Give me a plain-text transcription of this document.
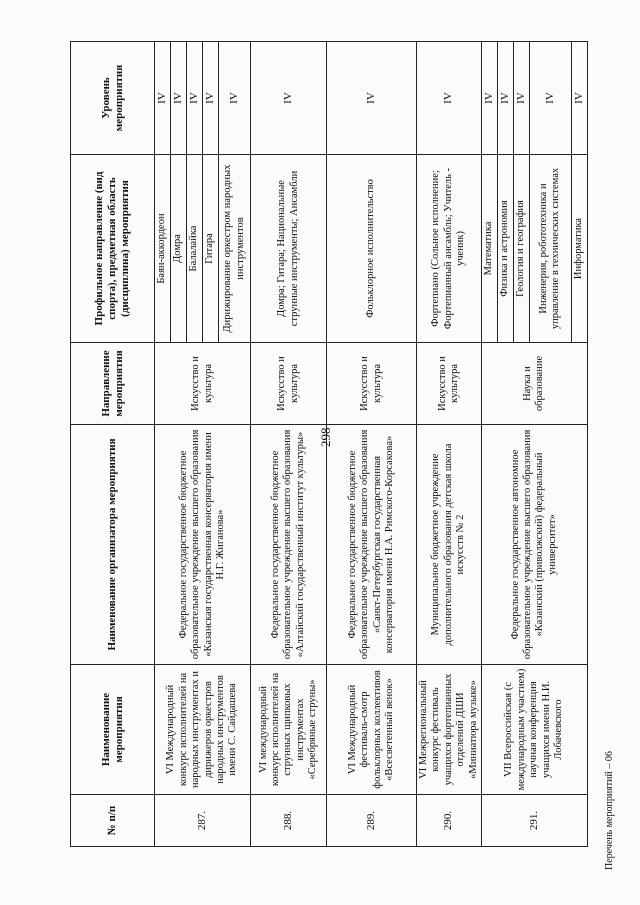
298
№ п/п	Наименование мероприятия	Наименование организатора мероприятия	Направление мероприятия	Профильное направление (вид спорта), предметная область (дисциплина) мероприятия	Уровень мероприятия
287.	VI Международный конкурс исполнителей на народных инструментах и дирижеров оркестров народных инструментов имени С. Сайдашева	Федеральное государственное бюджетное образовательное учреждение высшего образования «Казанская государственная консерватория имени Н.Г. Жиганова»	Искусство и культура	Баян-аккордеон	IV
				Домра	IV
				Балалайка	IV
				Гитара	IV
				Дирижирование оркестром народных инструментов	IV
288.	VI международный конкурс исполнителей на струнных щипковых инструментах «Серебряные струны»	Федеральное государственное бюджетное образовательное учреждение высшего образования «Алтайский государственный институт культуры»	Искусство и культура	Домра; Гитара; Национальные струнные инструменты; Ансамбли	IV
289.	VI Международный фестиваль-смотр фольклорных коллективов «Всесветенный венок»	Федеральное государственное бюджетное образовательное учреждение высшего образования «Санкт-Петербургская государственная консерватория имени Н.А. Римского-Корсакова»	Искусство и культура	Фольклорное исполнительство	IV
290.	VI Межрегиональный конкурс фестиваль учащихся фортепианных отделений ДШИ «Миниатюра музыке»	Муниципальное бюджетное учреждение дополнительного образования детская школа искусств № 2	Искусство и культура	Фортепиано (Сольное исполнение; Фортепианный ансамбль; Учитель - ученик)	IV
291.	VII Всероссийская (с международным участием) научная конференция учащихся имени Н.И. Лобачевского	Федеральное государственное автономное образовательное учреждение высшего образования «Казанский (приволжский) федеральный университет»	Наука и образование	Математика	IV
				Физика и астрономия	IV
				Геология и география	IV
				Инженерия, робототехника и управление в технических системах	IV
				Информатика	IV
Перечень мероприятий – 06
